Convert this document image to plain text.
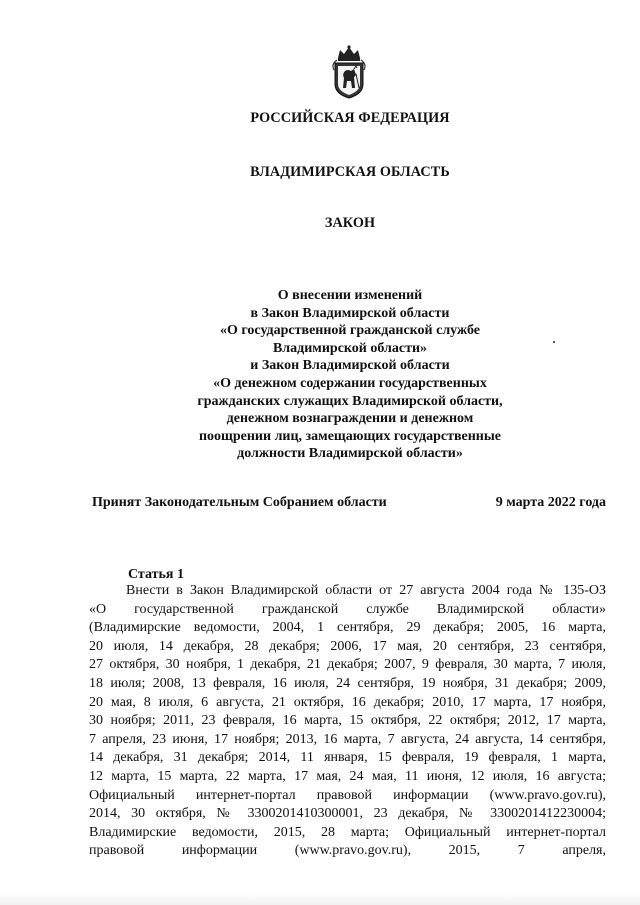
РОССИЙСКАЯ ФЕДЕРАЦИЯ
ВЛАДИМИРСКАЯ ОБЛАСТЬ
ЗАКОН
О внесении изменений
в Закон Владимирской области
«О государственной гражданской службе
Владимирской области»
и Закон Владимирской области
«О денежном содержании государственных
гражданских служащих Владимирской области,
денежном вознаграждении и денежном
поощрении лиц, замещающих государственные
должности Владимирской области»
Принят Законодательным Собранием области	9 марта 2022 года
Статья 1
Внести в Закон Владимирской области от 27 августа 2004 года № 135-ОЗ
«О государственной гражданской службе Владимирской области»
(Владимирские ведомости, 2004, 1 сентября, 29 декабря; 2005, 16 марта,
20 июля, 14 декабря, 28 декабря; 2006, 17 мая, 20 сентября, 23 сентября,
27 октября, 30 ноября, 1 декабря, 21 декабря; 2007, 9 февраля, 30 марта, 7 июля,
18 июля; 2008, 13 февраля, 16 июля, 24 сентября, 19 ноября, 31 декабря; 2009,
20 мая, 8 июля, 6 августа, 21 октября, 16 декабря; 2010, 17 марта, 17 ноября,
30 ноября; 2011, 23 февраля, 16 марта, 15 октября, 22 октября; 2012, 17 марта,
7 апреля, 23 июня, 17 ноября; 2013, 16 марта, 7 августа, 24 августа, 14 сентября,
14 декабря, 31 декабря; 2014, 11 января, 15 февраля, 19 февраля, 1 марта,
12 марта, 15 марта, 22 марта, 17 мая, 24 мая, 11 июня, 12 июля, 16 августа;
Официальный интернет-портал правовой информации (www.pravo.gov.ru),
2014, 30 октября, № 3300201410300001, 23 декабря, № 3300201412230004;
Владимирские ведомости, 2015, 28 марта; Официальный интернет-портал
правовой информации (www.pravo.gov.ru), 2015, 7 апреля,
